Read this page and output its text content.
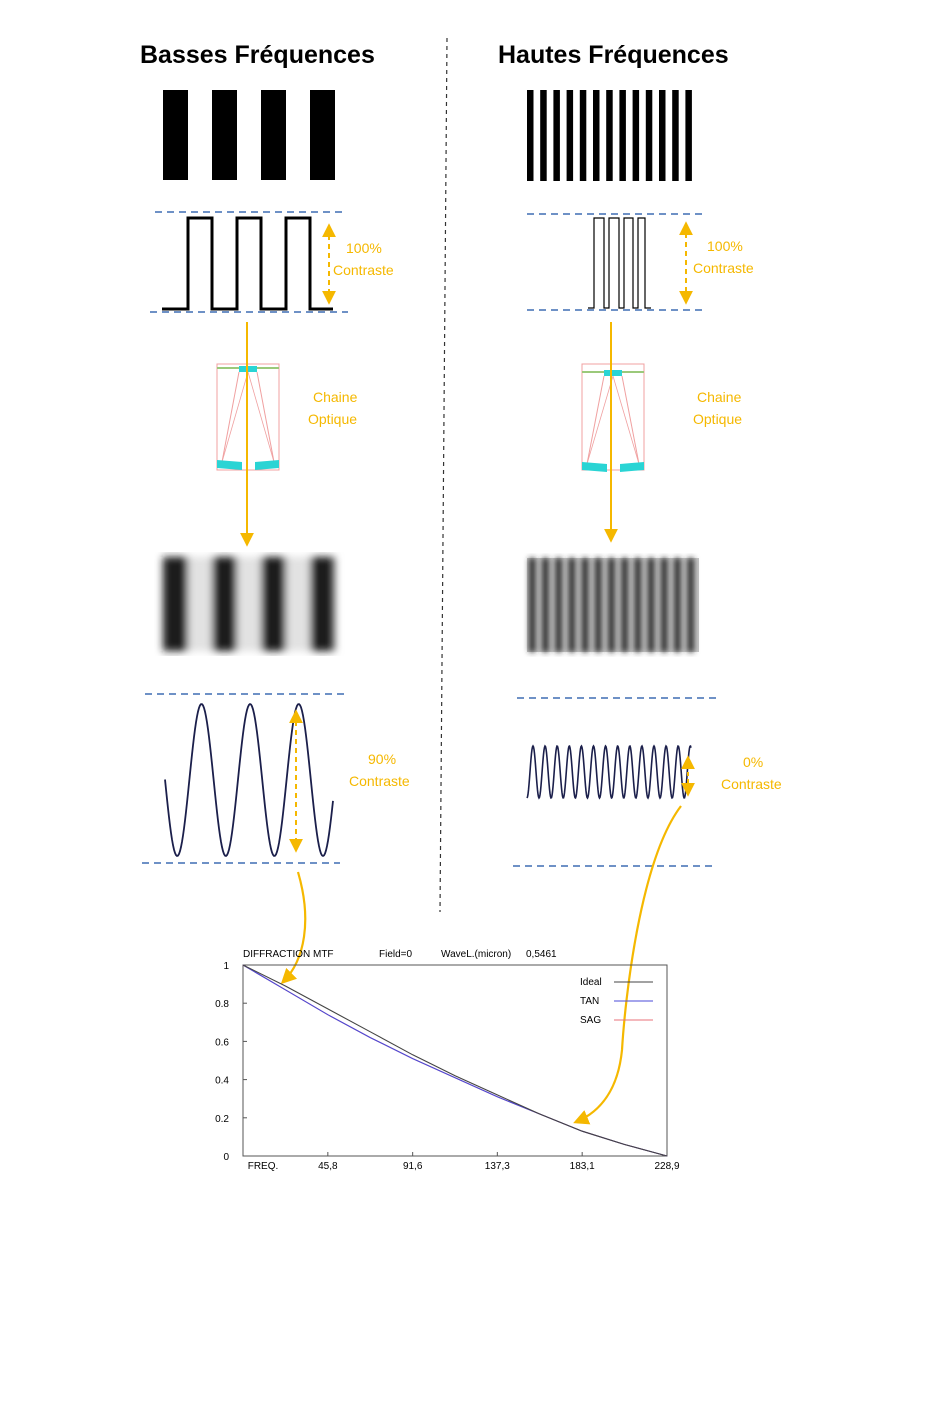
Basses Fréquences	Hautes Fréquences
100%
Contraste
Chaine
Optique
90%
Contraste
100%
Contraste
Chaine
Optique
0%
Contraste
DIFFRACTION MTF	Field=0	WaveL.(micron) 0,5461
1
0.8
0.6
0.4
0.2
0
FREQ.	45,8	91,6	137,3	183,1	228,9
Ideal
TAN
SAG
